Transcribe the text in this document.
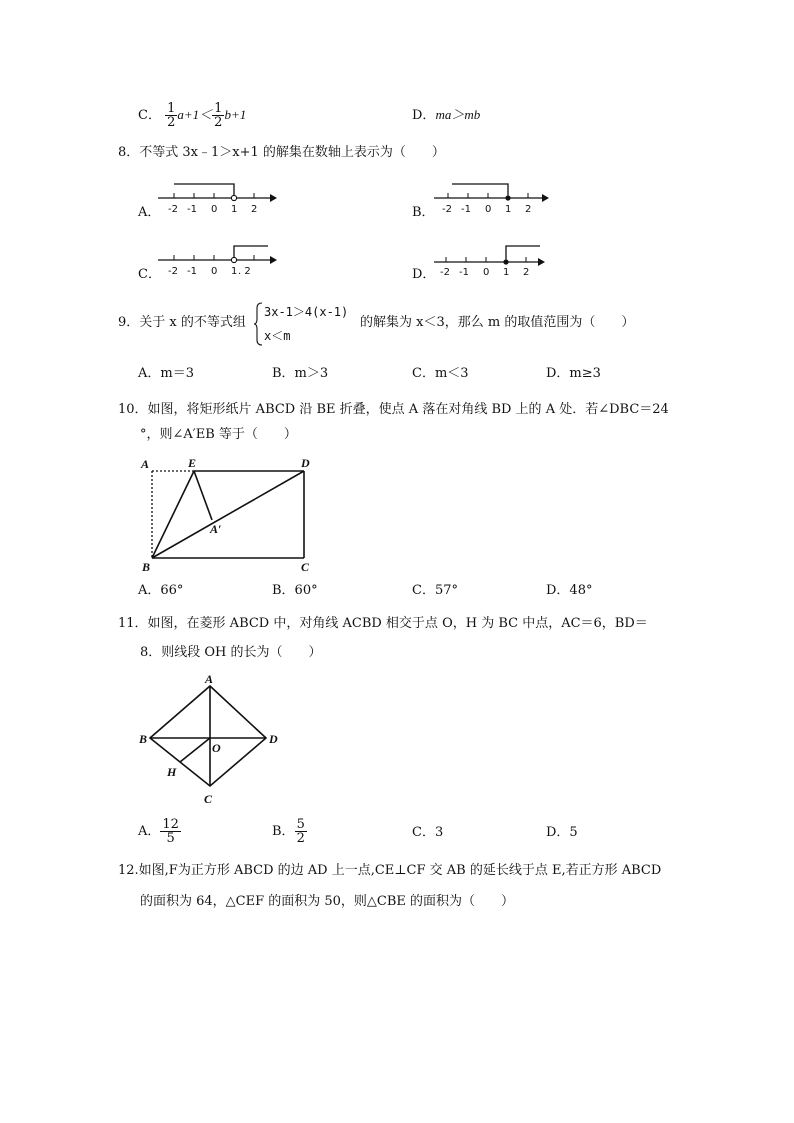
C． $\frac{1}{2} a+1< \frac{1}{2} b+1$	D．ma＞mb
8．不等式 3x﹣1＞x+1 的解集在数轴上表示为（　　）
A． -2 -1 0 1 2	B． -2 -1 0 1 2
C． -2 -1 0 1 . 2	D． -2 -1 0 1 2
9．关于 x 的不等式组
3x-1＞4(x-1)
x＜m
的解集为 x＜3，那么 m 的取值范围为（　　）
A．m＝3	B．m＞3	C．m＜3	D．m≥3
10．如图，将矩形纸片 ABCD 沿 BE 折叠，使点 A 落在对角线 BD 上的 A 处．若∠DBC＝24
°，则∠A′EB 等于（　　）
A	E	D
A′
B	C
A．66°	B．60°	C．57°	D．48°
11．如图，在菱形 ABCD 中，对角线 ACBD 相交于点 O，H 为 BC 中点，AC＝6，BD＝
8．则线段 OH 的长为（　　）
A
B	D
O
H
C
A． $\frac{12}{5}$	B． $\frac{5}{2}$	C．3	D．5
12.如图,F为正方形 ABCD 的边 AD 上一点,CE⊥CF 交 AB 的延长线于点 E,若正方形 ABCD
的面积为 64，△CEF 的面积为 50，则△CBE 的面积为（　　）
